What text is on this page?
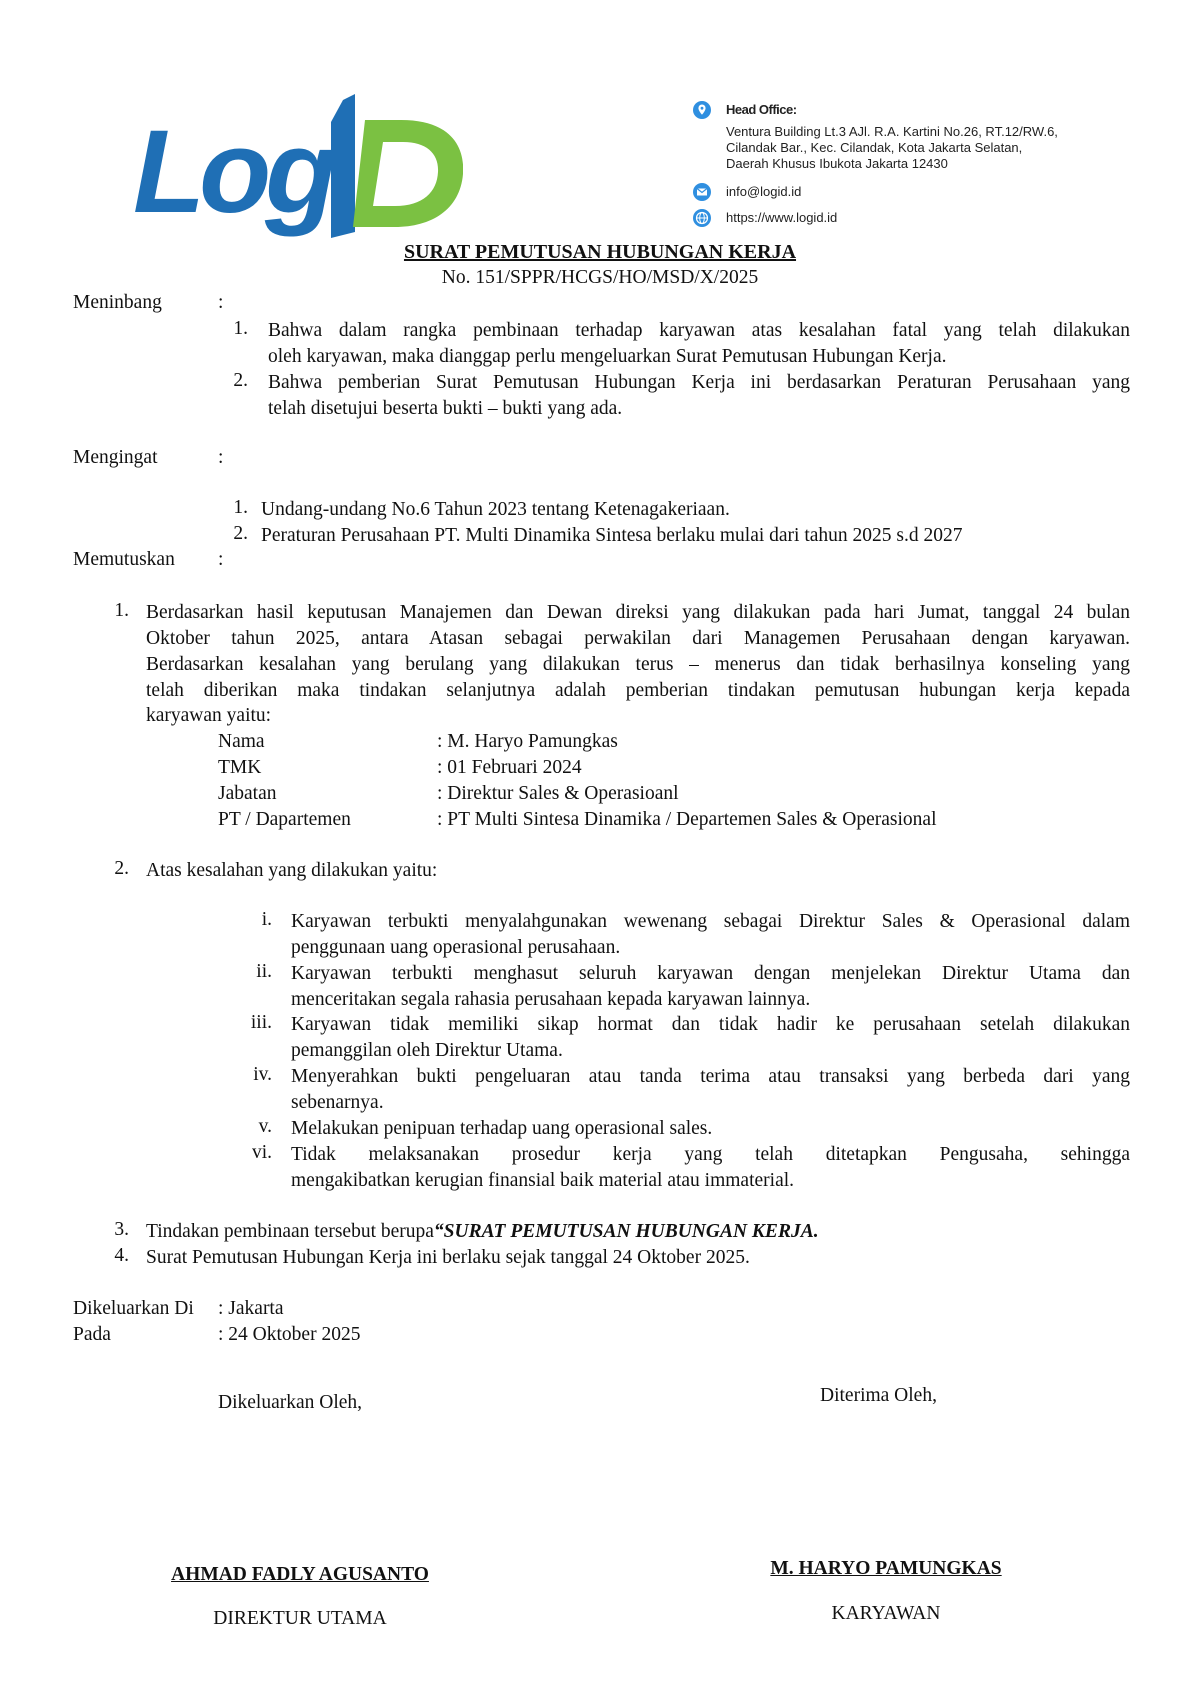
Log	Head Office:
Ventura Building Lt.3 AJl. R.A. Kartini No.26, RT.12/RW.6,
Cilandak Bar., Kec. Cilandak, Kota Jakarta Selatan,
Daerah Khusus Ibukota Jakarta 12430
info@logid.id
https://www.logid.id
SURAT PEMUTUSAN HUBUNGAN KERJA
No. 151/SPPR/HCGS/HO/MSD/X/2025
Meninbang	:
1. Bahwa dalam rangka pembinaan terhadap karyawan atas kesalahan fatal yang telah dilakukan
oleh karyawan, maka dianggap perlu mengeluarkan Surat Pemutusan Hubungan Kerja.
2. Bahwa pemberian Surat Pemutusan Hubungan Kerja ini berdasarkan Peraturan Perusahaan yang
telah disetujui beserta bukti – bukti yang ada.
Mengingat	:
1. Undang-undang No.6 Tahun 2023 tentang Ketenagakeriaan.
2. Peraturan Perusahaan PT. Multi Dinamika Sintesa berlaku mulai dari tahun 2025 s.d 2027
Memutuskan :
1. Berdasarkan hasil keputusan Manajemen dan Dewan direksi yang dilakukan pada hari Jumat, tanggal 24 bulan
Oktober tahun 2025, antara Atasan sebagai perwakilan dari Managemen Perusahaan dengan karyawan.
Berdasarkan kesalahan yang berulang yang dilakukan terus – menerus dan tidak berhasilnya konseling yang
telah diberikan maka tindakan selanjutnya adalah pemberian tindakan pemutusan hubungan kerja kepada
karyawan yaitu:
Nama	: M. Haryo Pamungkas
TMK	: 01 Februari 2024
Jabatan	: Direktur Sales & Operasioanl
PT / Dapartemen	: PT Multi Sintesa Dinamika / Departemen Sales & Operasional
2. Atas kesalahan yang dilakukan yaitu:
i. Karyawan terbukti menyalahgunakan wewenang sebagai Direktur Sales & Operasional dalam
penggunaan uang operasional perusahaan.
ii. Karyawan terbukti menghasut seluruh karyawan dengan menjelekan Direktur Utama dan
menceritakan segala rahasia perusahaan kepada karyawan lainnya.
iii. Karyawan tidak memiliki sikap hormat dan tidak hadir ke perusahaan setelah dilakukan
pemanggilan oleh Direktur Utama.
iv. Menyerahkan bukti pengeluaran atau tanda terima atau transaksi yang berbeda dari yang
sebenarnya.
v. Melakukan penipuan terhadap uang operasional sales.
vi. Tidak melaksanakan prosedur kerja yang telah ditetapkan Pengusaha, sehingga
mengakibatkan kerugian finansial baik material atau immaterial.
3. Tindakan pembinaan tersebut berupa“SURAT PEMUTUSAN HUBUNGAN KERJA.
4. Surat Pemutusan Hubungan Kerja ini berlaku sejak tanggal 24 Oktober 2025.
Dikeluarkan Di : Jakarta
Pada	: 24 Oktober 2025
Dikeluarkan Oleh,	Diterima Oleh,
AHMAD FADLY AGUSANTO
DIREKTUR UTAMA
M. HARYO PAMUNGKAS
KARYAWAN
